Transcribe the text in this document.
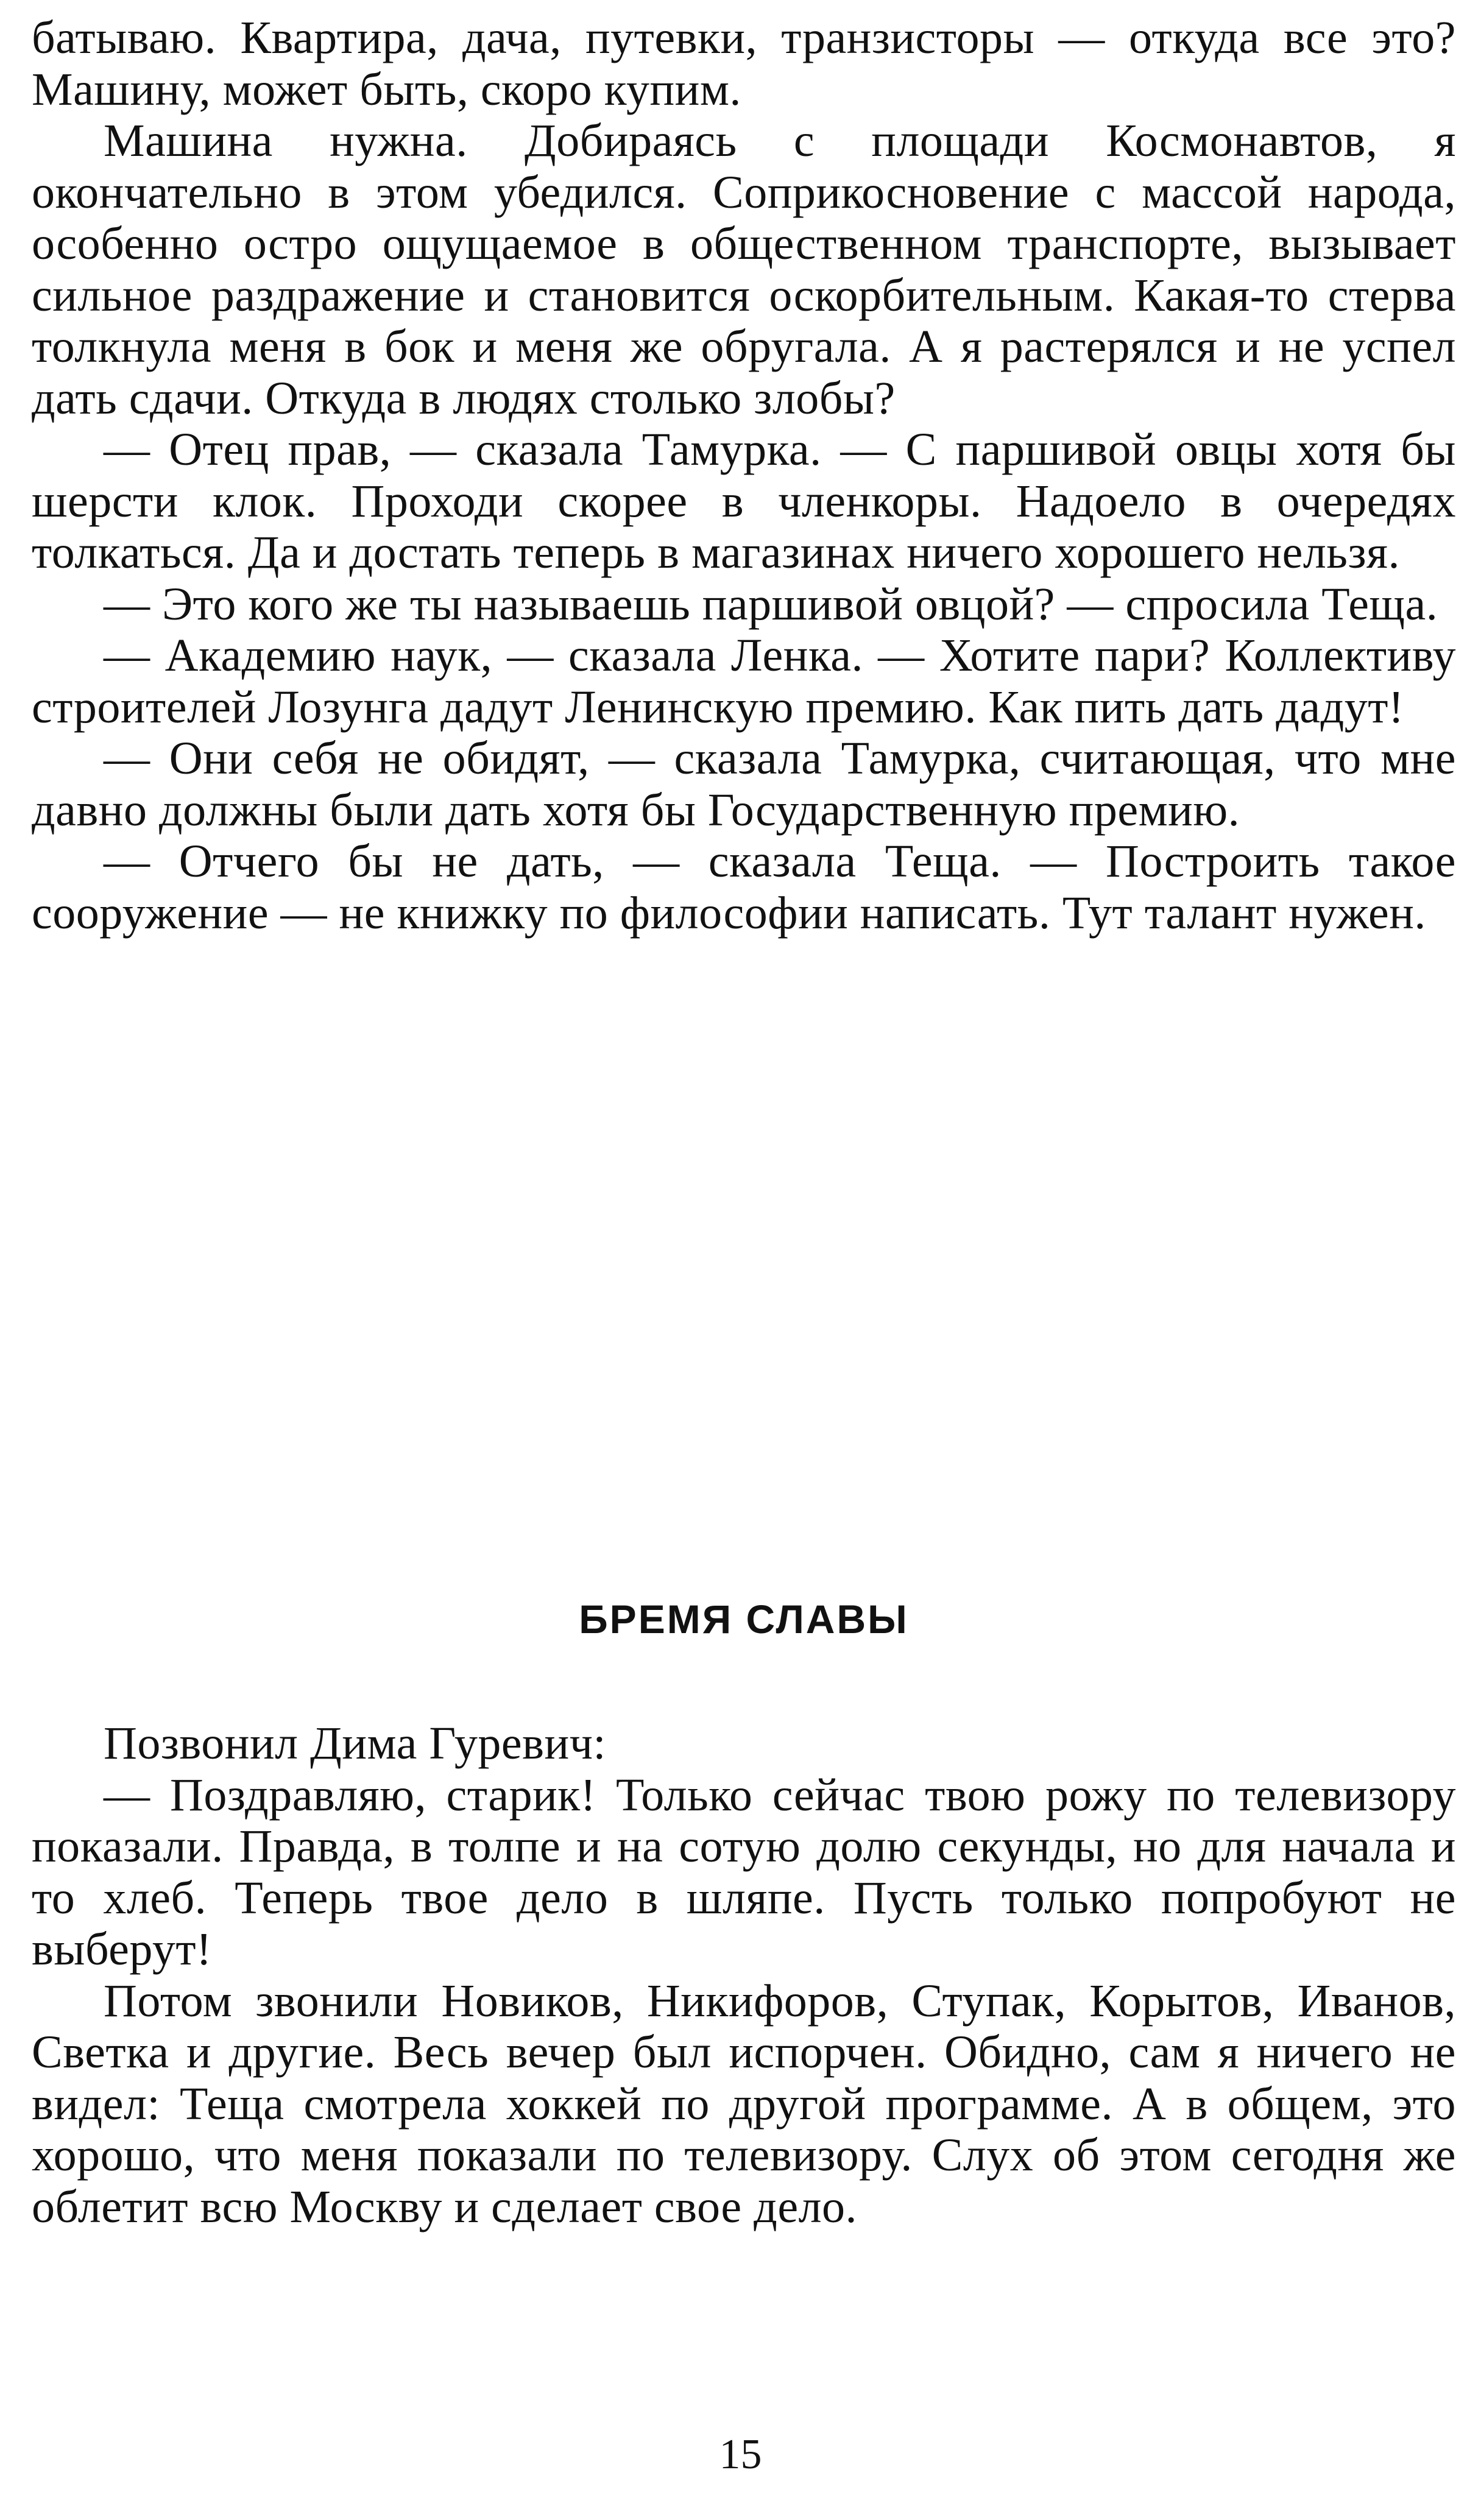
батываю. Квартира, дача, путевки, транзисторы — откуда все это? Машину, может быть, скоро купим.

Машина нужна. Добираясь с площади Космонавтов, я окончательно в этом убедился. Соприкосновение с массой народа, особенно остро ощущаемое в общественном транспорте, вызывает сильное раздражение и становится оскорбительным. Какая-то стерва толкнула меня в бок и меня же обругала. А я растерялся и не успел дать сдачи. Откуда в людях столько злобы?

— Отец прав, — сказала Тамурка. — С паршивой овцы хотя бы шерсти клок. Проходи скорее в членкоры. Надоело в очередях толкаться. Да и достать теперь в магазинах ничего хорошего нельзя.

— Это кого же ты называешь паршивой овцой? — спросила Теща.

— Академию наук, — сказала Ленка. — Хотите пари? Коллективу строителей Лозунга дадут Ленинскую премию. Как пить дать дадут!

— Они себя не обидят, — сказала Тамурка, считающая, что мне давно должны были дать хотя бы Государственную премию.

— Отчего бы не дать, — сказала Теща. — Построить такое сооружение — не книжку по философии написать. Тут талант нужен.

БРЕМЯ СЛАВЫ

Позвонил Дима Гуревич:

— Поздравляю, старик! Только сейчас твою рожу по телевизору показали. Правда, в толпе и на сотую долю секунды, но для начала и то хлеб. Теперь твое дело в шляпе. Пусть только попробуют не выберут!

Потом звонили Новиков, Никифоров, Ступак, Корытов, Иванов, Светка и другие. Весь вечер был испорчен. Обидно, сам я ничего не видел: Теща смотрела хоккей по другой программе. А в общем, это хорошо, что меня показали по телевизору. Слух об этом сегодня же облетит всю Москву и сделает свое дело.

15
